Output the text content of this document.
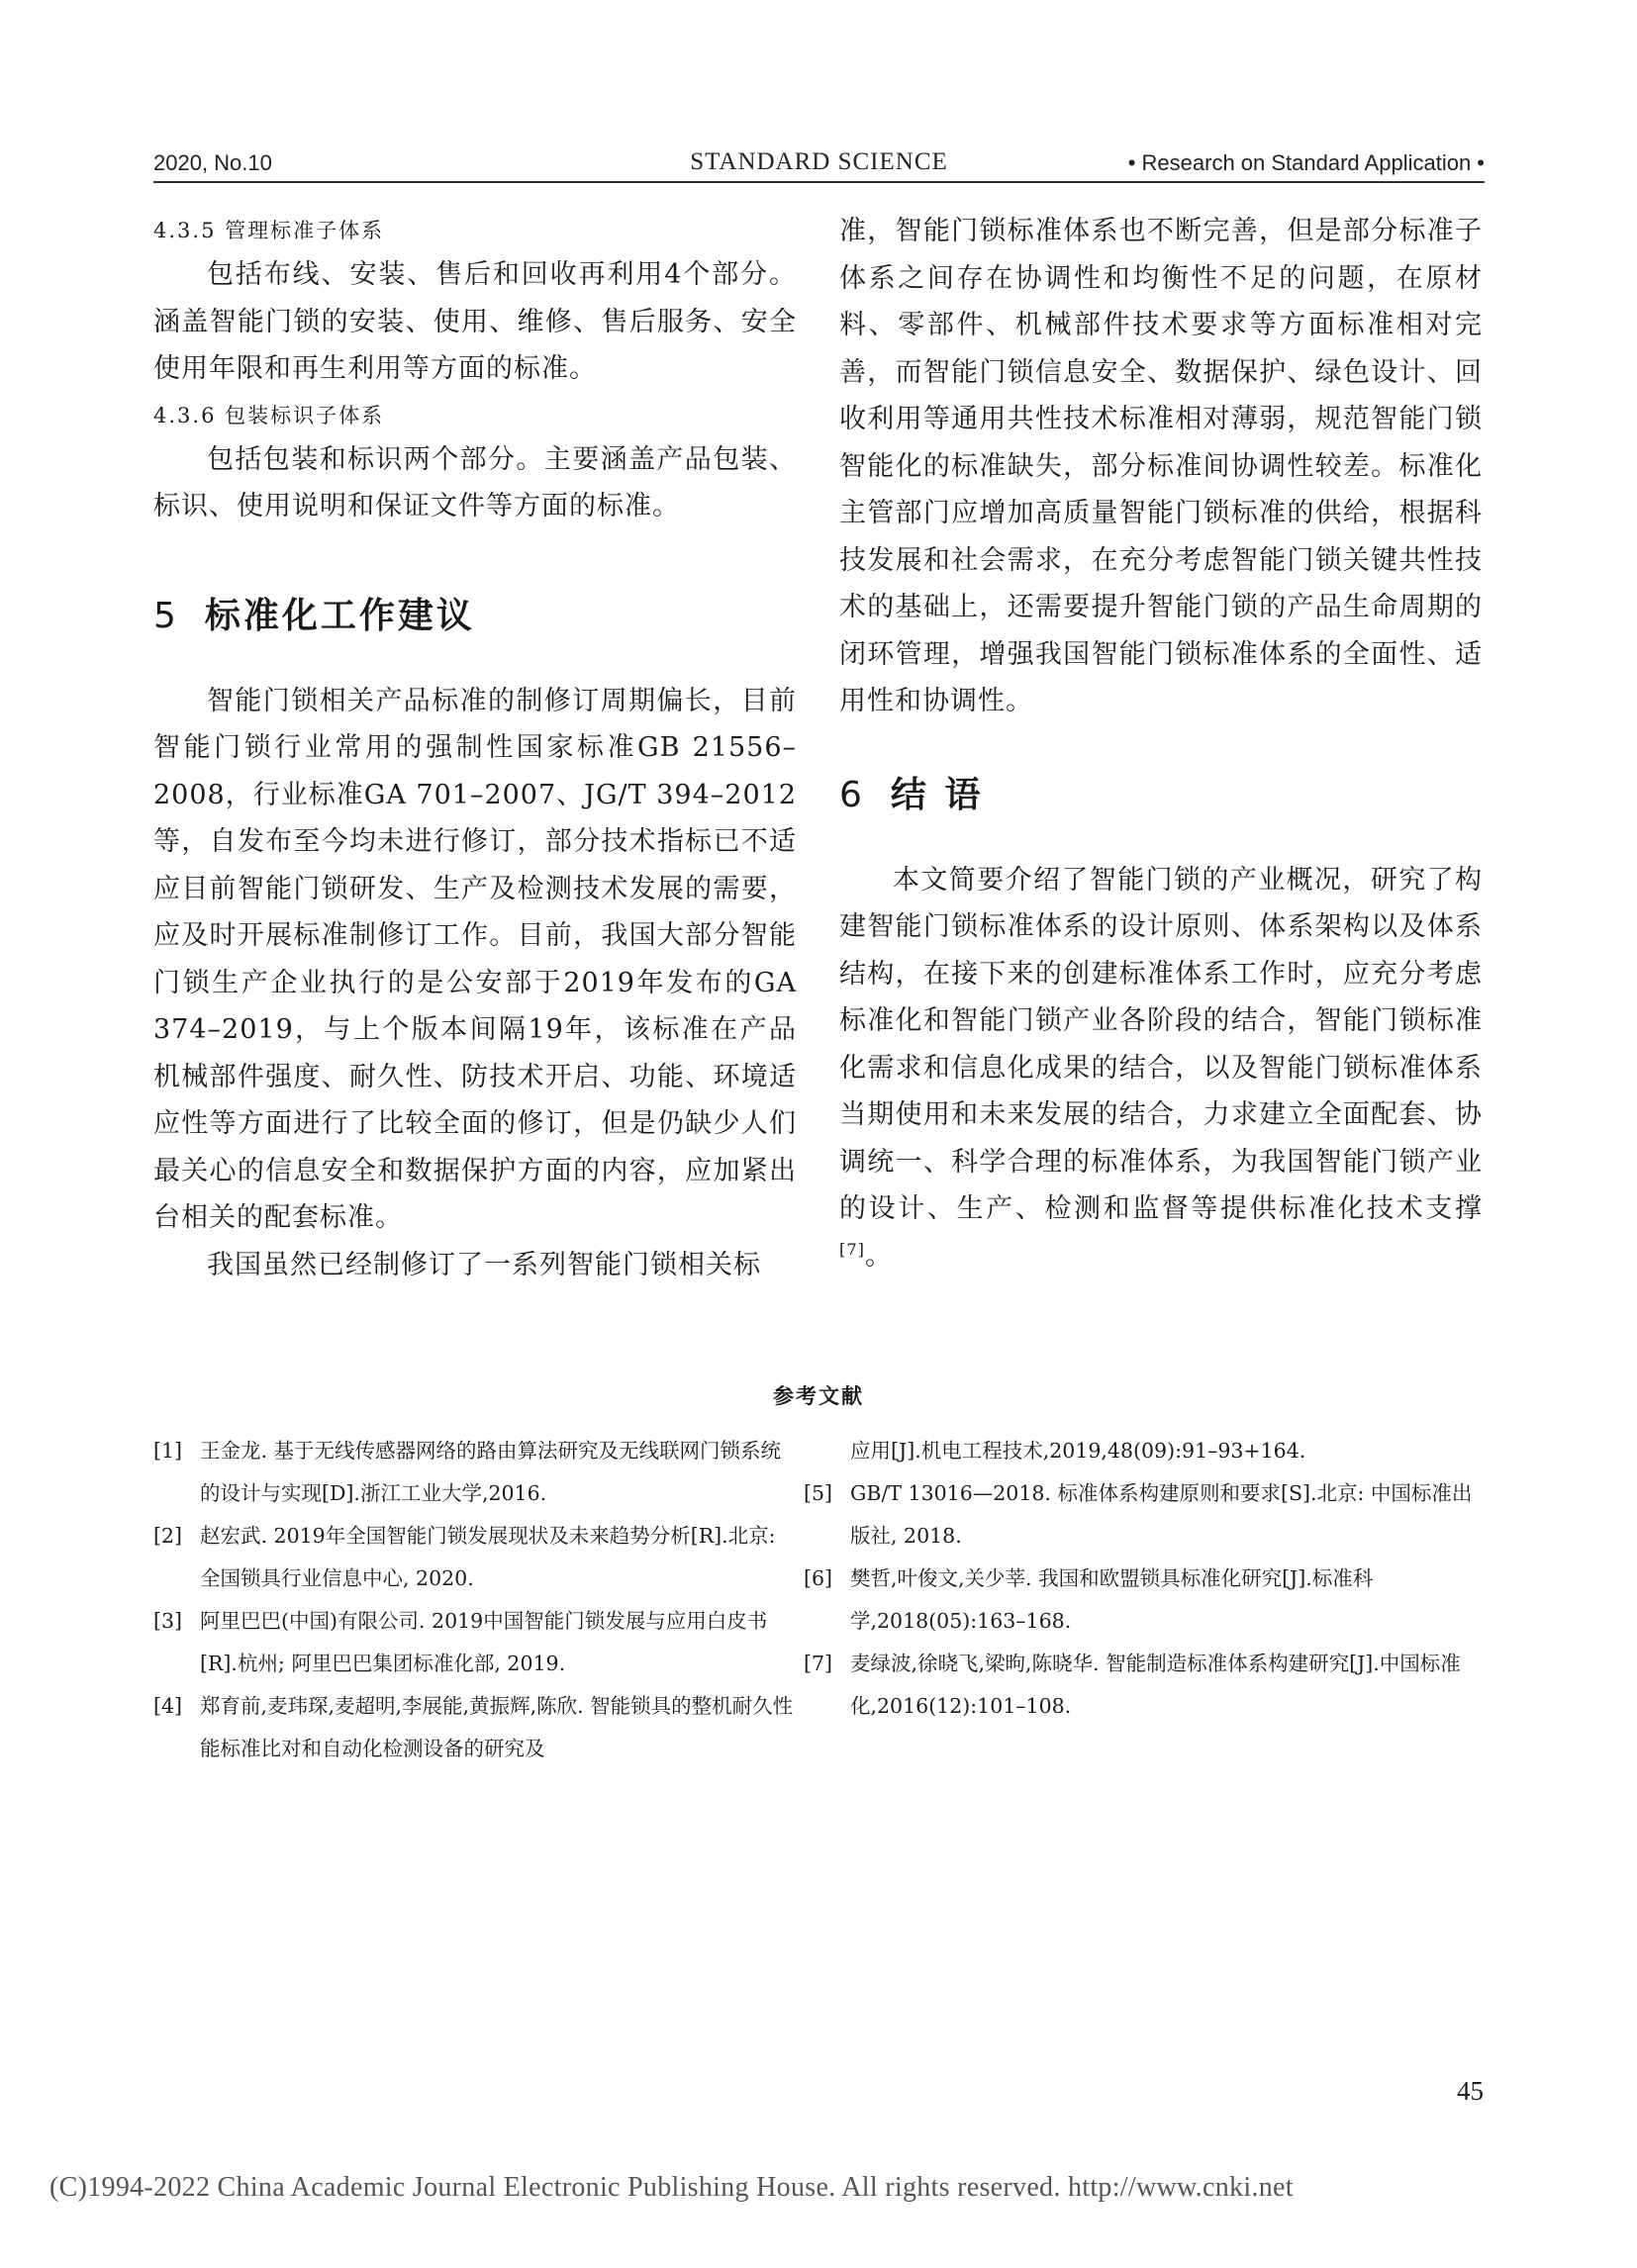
2020, No.10	STANDARD SCIENCE	• Research on Standard Application •
4.3.5 管理标准子体系

包括布线、安装、售后和回收再利用4个部分。涵盖智能门锁的安装、使用、维修、售后服务、安全使用年限和再生利用等方面的标准。

4.3.6 包装标识子体系

包括包装和标识两个部分。主要涵盖产品包装、标识、使用说明和保证文件等方面的标准。

5 标准化工作建议

智能门锁相关产品标准的制修订周期偏长，目前智能门锁行业常用的强制性国家标准GB 21556–2008，行业标准GA 701–2007、JG/T 394–2012等，自发布至今均未进行修订，部分技术指标已不适应目前智能门锁研发、生产及检测技术发展的需要，应及时开展标准制修订工作。目前，我国大部分智能门锁生产企业执行的是公安部于2019年发布的GA 374–2019，与上个版本间隔19年，该标准在产品机械部件强度、耐久性、防技术开启、功能、环境适应性等方面进行了比较全面的修订，但是仍缺少人们最关心的信息安全和数据保护方面的内容，应加紧出台相关的配套标准。

我国虽然已经制修订了一系列智能门锁相关标

准，智能门锁标准体系也不断完善，但是部分标准子体系之间存在协调性和均衡性不足的问题，在原材料、零部件、机械部件技术要求等方面标准相对完善，而智能门锁信息安全、数据保护、绿色设计、回收利用等通用共性技术标准相对薄弱，规范智能门锁智能化的标准缺失，部分标准间协调性较差。标准化主管部门应增加高质量智能门锁标准的供给，根据科技发展和社会需求，在充分考虑智能门锁关键共性技术的基础上，还需要提升智能门锁的产品生命周期的闭环管理，增强我国智能门锁标准体系的全面性、适用性和协调性。

6 结 语

本文简要介绍了智能门锁的产业概况，研究了构建智能门锁标准体系的设计原则、体系架构以及体系结构，在接下来的创建标准体系工作时，应充分考虑标准化和智能门锁产业各阶段的结合，智能门锁标准化需求和信息化成果的结合，以及智能门锁标准体系当期使用和未来发展的结合，力求建立全面配套、协调统一、科学合理的标准体系，为我国智能门锁产业的设计、生产、检测和监督等提供标准化技术支撑[7]。

参考文献
[1] 王金龙. 基于无线传感器网络的路由算法研究及无线联网门锁系统的设计与实现[D].浙江工业大学,2016.
[2] 赵宏武. 2019年全国智能门锁发展现状及未来趋势分析[R].北京: 全国锁具行业信息中心, 2020.
[3] 阿里巴巴(中国)有限公司. 2019中国智能门锁发展与应用白皮书[R].杭州; 阿里巴巴集团标准化部, 2019.
[4] 郑育前,麦玮琛,麦超明,李展能,黄振辉,陈欣. 智能锁具的整机耐久性能标准比对和自动化检测设备的研究及
应用[J].机电工程技术,2019,48(09):91–93+164.
[5] GB/T 13016—2018. 标准体系构建原则和要求[S].北京: 中国标准出版社, 2018.
[6] 樊哲,叶俊文,关少莘. 我国和欧盟锁具标准化研究[J].标准科学,2018(05):163–168.
[7] 麦绿波,徐晓飞,梁昫,陈晓华. 智能制造标准体系构建研究[J].中国标准化,2016(12):101–108.
45
(C)1994-2022 China Academic Journal Electronic Publishing House. All rights reserved. http://www.cnki.net
